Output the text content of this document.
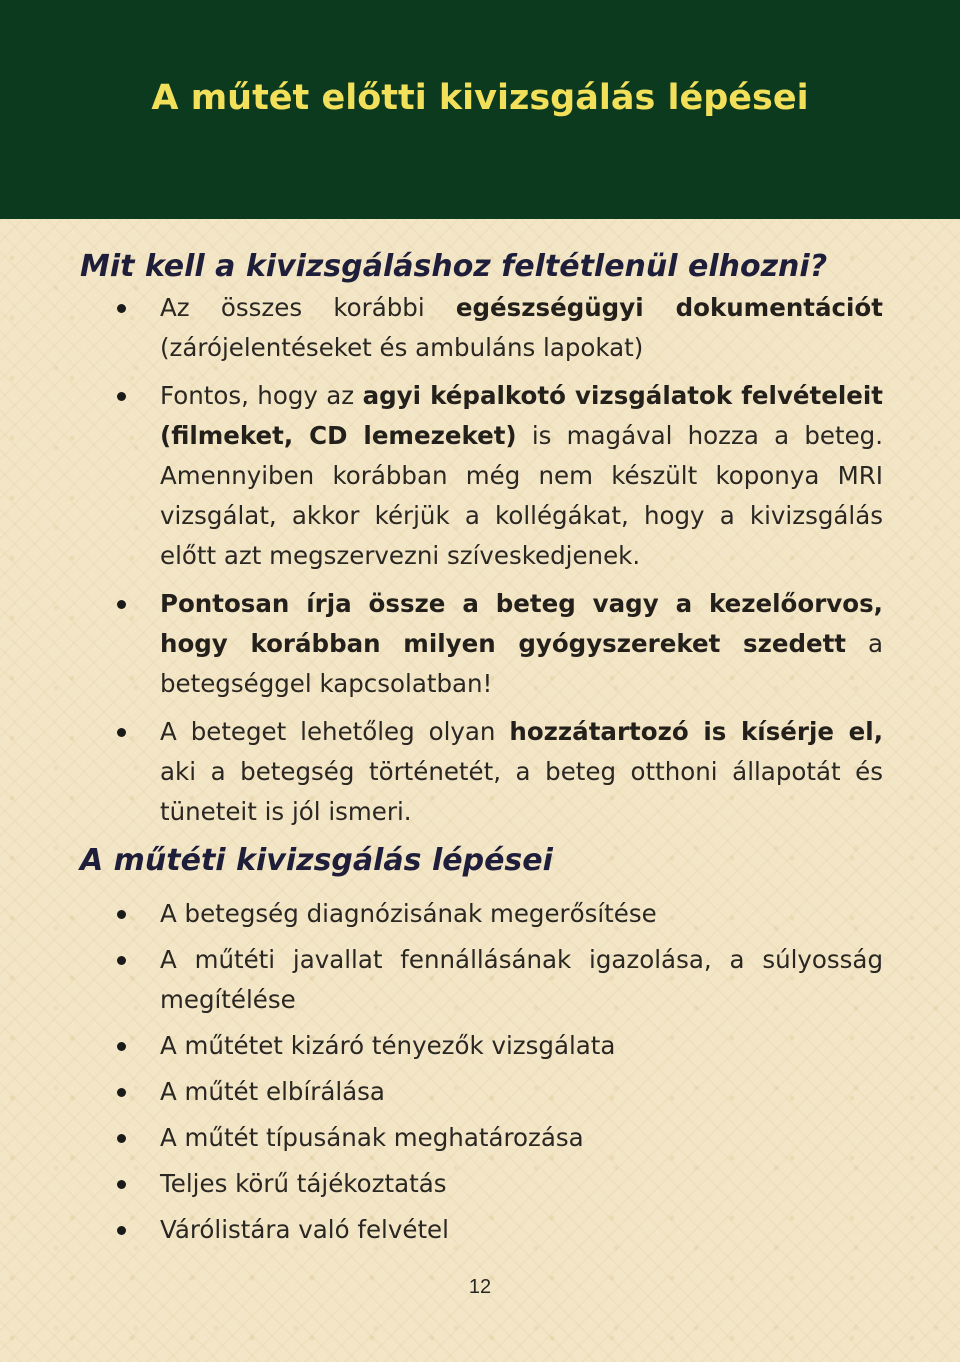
A műtét előtti kivizsgálás lépései
Mit kell a kivizsgáláshoz feltétlenül elhozni?
Az összes korábbi egészségügyi dokumentációt (zárójelentéseket és ambuláns lapokat)
Fontos, hogy az agyi képalkotó vizsgálatok felvételeit (filmeket, CD lemezeket) is magával hozza a beteg. Amennyiben korábban még nem készült koponya MRI vizsgálat, akkor kérjük a kollégákat, hogy a kivizsgálás előtt azt megszervezni szíveskedjenek.
Pontosan írja össze a beteg vagy a kezelőorvos, hogy korábban milyen gyógyszereket szedett a betegséggel kapcsolatban!
A beteget lehetőleg olyan hozzátartozó is kísérje el, aki a betegség történetét, a beteg otthoni állapotát és tüneteit is jól ismeri.
A műtéti kivizsgálás lépései
A betegség diagnózisának megerősítése
A műtéti javallat fennállásának igazolása, a súlyosság megítélése
A műtétet kizáró tényezők vizsgálata
A műtét elbírálása
A műtét típusának meghatározása
Teljes körű tájékoztatás
Várólistára való felvétel
12
